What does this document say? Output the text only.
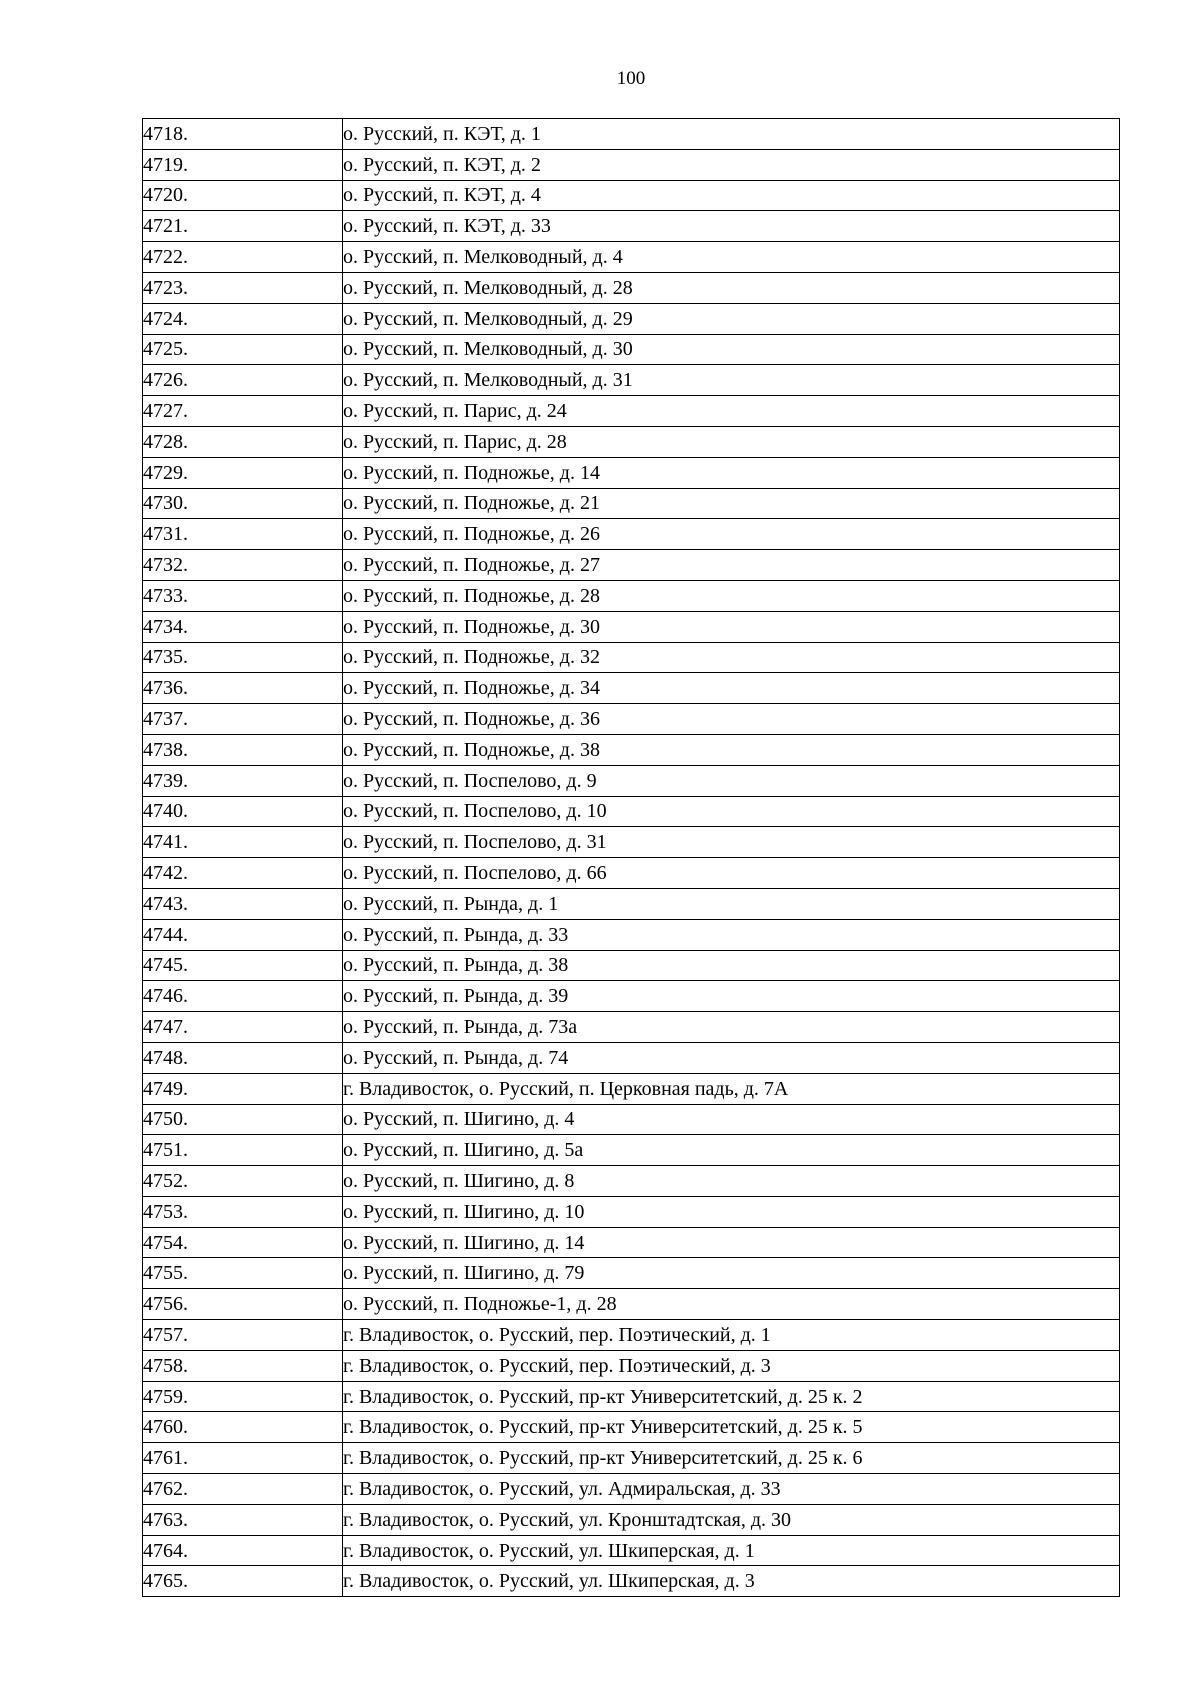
100
4718.	о. Русский, п. КЭТ, д. 1
4719.	о. Русский, п. КЭТ, д. 2
4720.	о. Русский, п. КЭТ, д. 4
4721.	о. Русский, п. КЭТ, д. 33
4722.	о. Русский, п. Мелководный, д. 4
4723.	о. Русский, п. Мелководный, д. 28
4724.	о. Русский, п. Мелководный, д. 29
4725.	о. Русский, п. Мелководный, д. 30
4726.	о. Русский, п. Мелководный, д. 31
4727.	о. Русский, п. Парис, д. 24
4728.	о. Русский, п. Парис, д. 28
4729.	о. Русский, п. Подножье, д. 14
4730.	о. Русский, п. Подножье, д. 21
4731.	о. Русский, п. Подножье, д. 26
4732.	о. Русский, п. Подножье, д. 27
4733.	о. Русский, п. Подножье, д. 28
4734.	о. Русский, п. Подножье, д. 30
4735.	о. Русский, п. Подножье, д. 32
4736.	о. Русский, п. Подножье, д. 34
4737.	о. Русский, п. Подножье, д. 36
4738.	о. Русский, п. Подножье, д. 38
4739.	о. Русский, п. Поспелово, д. 9
4740.	о. Русский, п. Поспелово, д. 10
4741.	о. Русский, п. Поспелово, д. 31
4742.	о. Русский, п. Поспелово, д. 66
4743.	о. Русский, п. Рында, д. 1
4744.	о. Русский, п. Рында, д. 33
4745.	о. Русский, п. Рында, д. 38
4746.	о. Русский, п. Рында, д. 39
4747.	о. Русский, п. Рында, д. 73а
4748.	о. Русский, п. Рында, д. 74
4749.	г. Владивосток, о. Русский, п. Церковная падь, д. 7А
4750.	о. Русский, п. Шигино, д. 4
4751.	о. Русский, п. Шигино, д. 5а
4752.	о. Русский, п. Шигино, д. 8
4753.	о. Русский, п. Шигино, д. 10
4754.	о. Русский, п. Шигино, д. 14
4755.	о. Русский, п. Шигино, д. 79
4756.	о. Русский, п. Подножье-1, д. 28
4757.	г. Владивосток, о. Русский, пер. Поэтический, д. 1
4758.	г. Владивосток, о. Русский, пер. Поэтический, д. 3
4759.	г. Владивосток, о. Русский, пр-кт Университетский, д. 25 к. 2
4760.	г. Владивосток, о. Русский, пр-кт Университетский, д. 25 к. 5
4761.	г. Владивосток, о. Русский, пр-кт Университетский, д. 25 к. 6
4762.	г. Владивосток, о. Русский, ул. Адмиральская, д. 33
4763.	г. Владивосток, о. Русский, ул. Кронштадтская, д. 30
4764.	г. Владивосток, о. Русский, ул. Шкиперская, д. 1
4765.	г. Владивосток, о. Русский, ул. Шкиперская, д. 3
